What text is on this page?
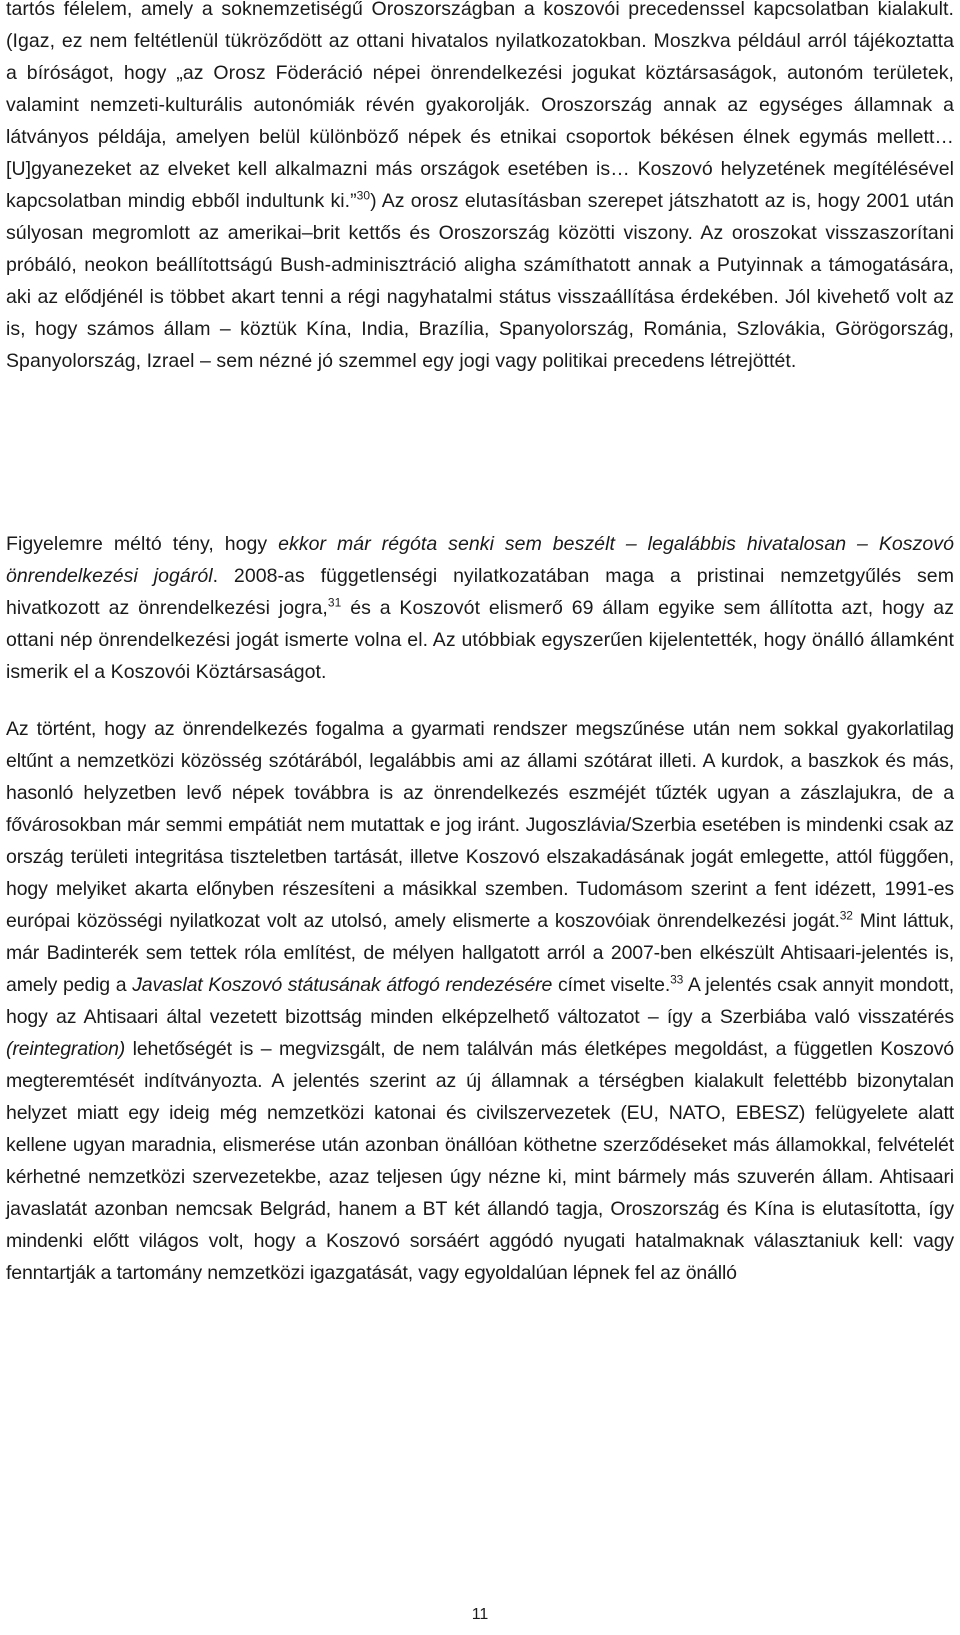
tartós félelem, amely a soknemzetiségű Oroszországban a koszovói precedenssel kapcsolatban kialakult. (Igaz, ez nem feltétlenül tükröződött az ottani hivatalos nyilatkozatokban. Moszkva például arról tájékoztatta a bíróságot, hogy „az Orosz Föderáció népei önrendelkezési jogukat köztársaságok, autonóm területek, valamint nemzeti-kulturális autonómiák révén gyakorolják. Oroszország annak az egységes államnak a látványos példája, amelyen belül különböző népek és etnikai csoportok békésen élnek egymás mellett… [U]gyanezeket az elveket kell alkalmazni más országok esetében is… Koszovó helyzetének megítélésével kapcsolatban mindig ebből indultunk ki.”$^{30}$) Az orosz elutasításban szerepet játszhatott az is, hogy 2001 után súlyosan megromlott az amerikai–brit kettős és Oroszország közötti viszony. Az oroszokat visszaszorítani próbáló, neokon beállítottságú Bush-adminisztráció aligha számíthatott annak a Putyinnak a támogatására, aki az elődjénél is többet akart tenni a régi nagyhatalmi státus visszaállítása érdekében. Jól kivehető volt az is, hogy számos állam – köztük Kína, India, Brazília, Spanyolország, Románia, Szlovákia, Görögország, Spanyolország, Izrael – sem nézné jó szemmel egy jogi vagy politikai precedens létrejöttét.

Figyelemre méltó tény, hogy ekkor már régóta senki sem beszélt – legalábbis hivatalosan – Koszovó önrendelkezési jogáról. 2008-as függetlenségi nyilatkozatában maga a pristinai nemzetgyűlés sem hivatkozott az önrendelkezési jogra,$^{31}$ és a Koszovót elismerő 69 állam egyike sem állította azt, hogy az ottani nép önrendelkezési jogát ismerte volna el. Az utóbbiak egyszerűen kijelentették, hogy önálló államként ismerik el a Koszovói Köztársaságot.

Az történt, hogy az önrendelkezés fogalma a gyarmati rendszer megszűnése után nem sokkal gyakorlatilag eltűnt a nemzetközi közösség szótárából, legalábbis ami az állami szótárat illeti. A kurdok, a baszkok és más, hasonló helyzetben levő népek továbbra is az önrendelkezés eszméjét tűzték ugyan a zászlajukra, de a fővárosokban már semmi empátiát nem mutattak e jog iránt. Jugoszlávia/Szerbia esetében is mindenki csak az ország területi integritása tiszteletben tartását, illetve Koszovó elszakadásának jogát emlegette, attól függően, hogy melyiket akarta előnyben részesíteni a másikkal szemben. Tudomásom szerint a fent idézett, 1991-es európai közösségi nyilatkozat volt az utolsó, amely elismerte a koszovóiak önrendelkezési jogát.$^{32}$ Mint láttuk, már Badinterék sem tettek róla említést, de mélyen hallgatott arról a 2007-ben elkészült Ahtisaari-jelentés is, amely pedig a Javaslat Koszovó státusának átfogó rendezésére címet viselte.$^{33}$ A jelentés csak annyit mondott, hogy az Ahtisaari által vezetett bizottság minden elképzelhető változatot – így a Szerbiába való visszatérés (reintegration) lehetőségét is – megvizsgált, de nem találván más életképes megoldást, a független Koszovó megteremtését indítványozta. A jelentés szerint az új államnak a térségben kialakult felettébb bizonytalan helyzet miatt egy ideig még nemzetközi katonai és civilszervezetek (EU, NATO, EBESZ) felügyelete alatt kellene ugyan maradnia, elismerése után azonban önállóan köthetne szerződéseket más államokkal, felvételét kérhetné nemzetközi szervezetekbe, azaz teljesen úgy nézne ki, mint bármely más szuverén állam. Ahtisaari javaslatát azonban nemcsak Belgrád, hanem a BT két állandó tagja, Oroszország és Kína is elutasította, így mindenki előtt világos volt, hogy a Koszovó sorsáért aggódó nyugati hatalmaknak választaniuk kell: vagy fenntartják a tartomány nemzetközi igazgatását, vagy egyoldalúan lépnek fel az önálló

11
